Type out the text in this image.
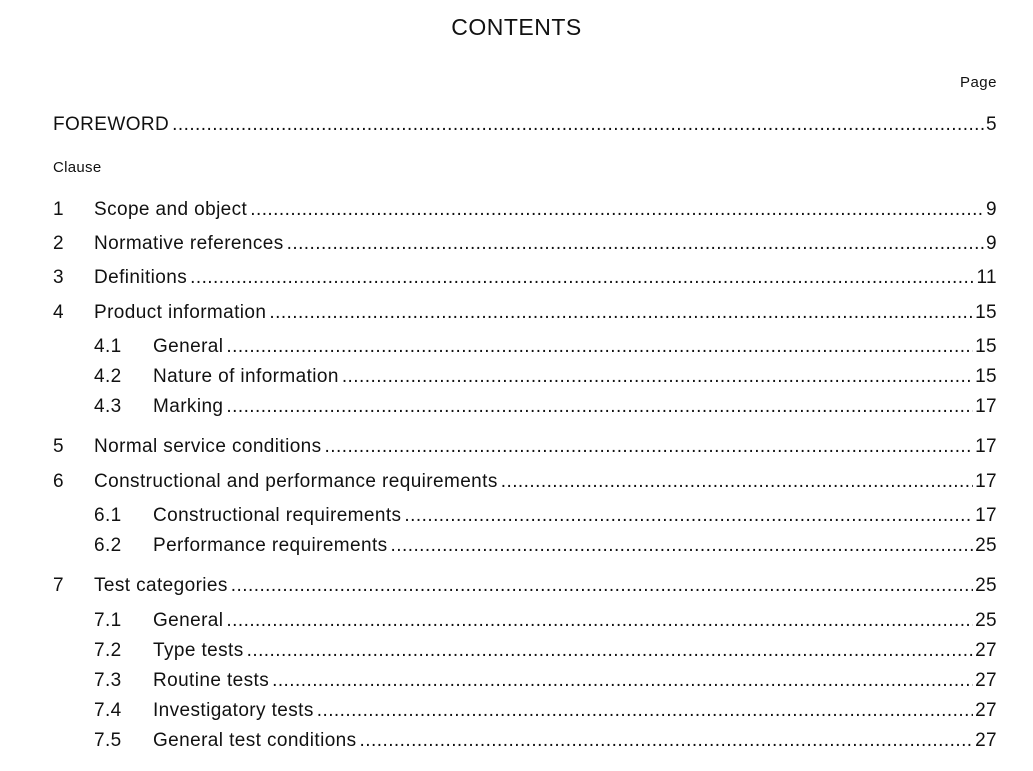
CONTENTS
Page
FOREWORD .....	5
Clause
1	Scope and object .....	9
2	Normative references .....	9
3	Definitions .....	11
4	Product information .....	15
4.1	General .....	15
4.2	Nature of information .....	15
4.3	Marking .....	17
5	Normal service conditions .....	17
6	Constructional and performance requirements .....	17
6.1	Constructional requirements .....	17
6.2	Performance requirements .....	25
7	Test categories .....	25
7.1	General .....	25
7.2	Type tests .....	27
7.3	Routine tests .....	27
7.4	Investigatory tests .....	27
7.5	General test conditions .....	27
